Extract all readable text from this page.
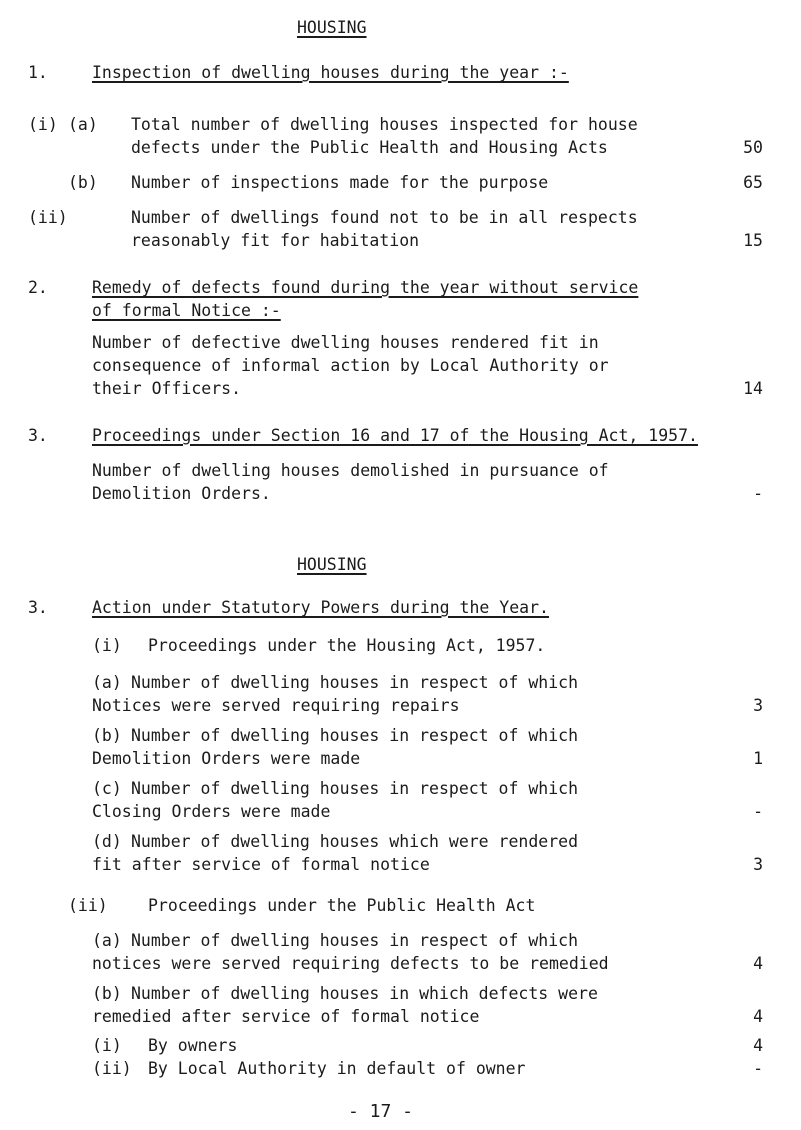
HOUSING
1.	Inspection of dwelling houses during the year :-
(i) (a) Total number of dwelling houses inspected for house
defects under the Public Health and Housing Acts	50
(b) Number of inspections made for the purpose	65
(ii)	Number of dwellings found not to be in all respects
reasonably fit for habitation	15
2.	Remedy of defects found during the year without service
of formal Notice :-
Number of defective dwelling houses rendered fit in
consequence of informal action by Local Authority or
their Officers.	14
3.	Proceedings under Section 16 and 17 of the Housing Act, 1957.
Number of dwelling houses demolished in pursuance of
Demolition Orders.	-
HOUSING
3.	Action under Statutory Powers during the Year.
(i) Proceedings under the Housing Act, 1957.
(a) Number of dwelling houses in respect of which
Notices were served requiring repairs	3
(b) Number of dwelling houses in respect of which
Demolition Orders were made	1
(c) Number of dwelling houses in respect of which
Closing Orders were made	-
(d) Number of dwelling houses which were rendered
fit after service of formal notice	3
(ii) Proceedings under the Public Health Act
(a) Number of dwelling houses in respect of which
notices were served requiring defects to be remedied	4
(b) Number of dwelling houses in which defects were
remedied after service of formal notice	4
(i) By owners	4
(ii) By Local Authority in default of owner	-
- 17 -
